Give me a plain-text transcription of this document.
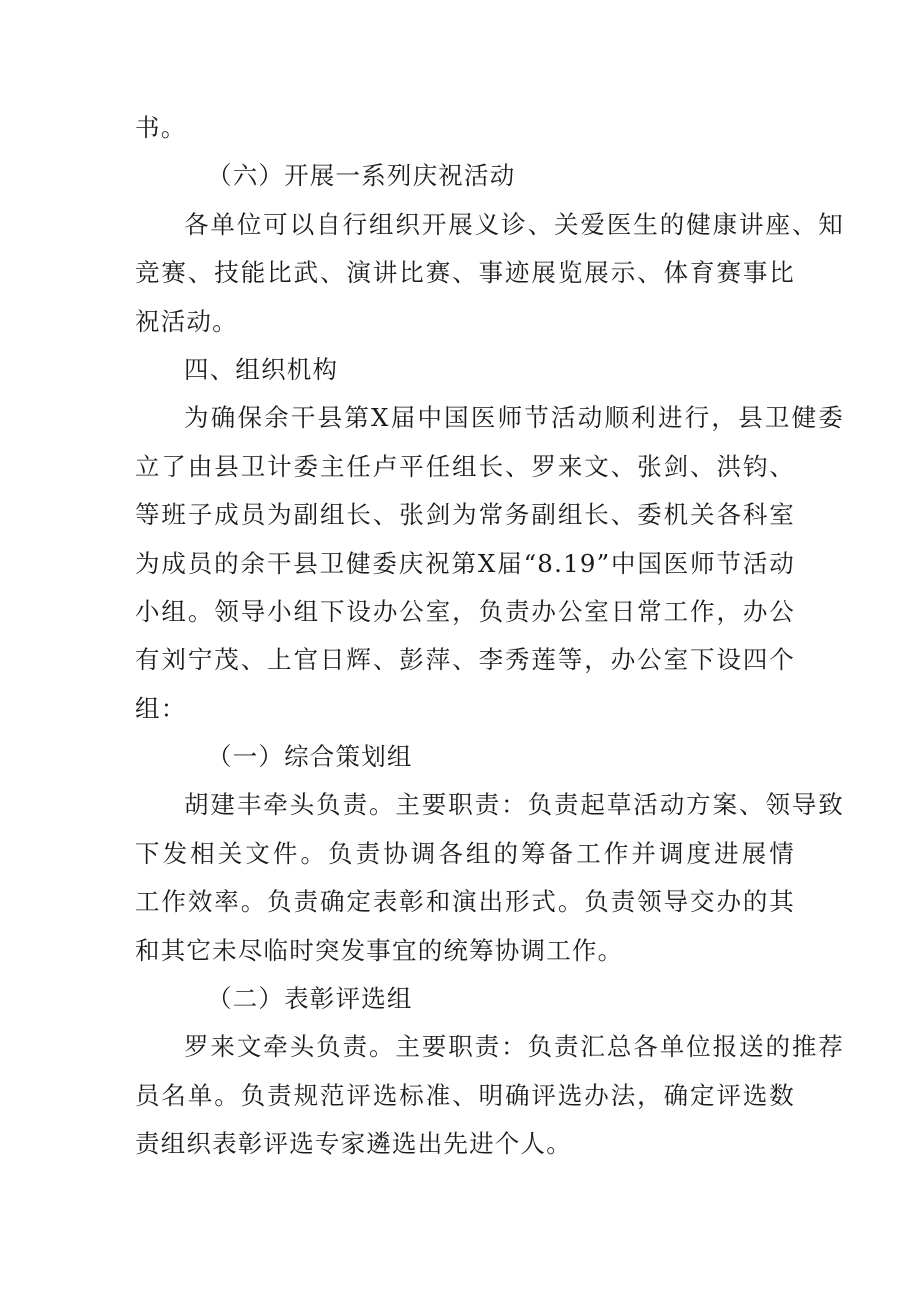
书。
（六）开展一系列庆祝活动
各单位可以自行组织开展义诊、关爱医生的健康讲座、知
竞赛、技能比武、演讲比赛、事迹展览展示、体育赛事比
祝活动。
四、组织机构
为确保余干县第X届中国医师节活动顺利进行，县卫健委
立了由县卫计委主任卢平任组长、罗来文、张剑、洪钧、
等班子成员为副组长、张剑为常务副组长、委机关各科室
为成员的余干县卫健委庆祝第X届“8.19”中国医师节活动
小组。领导小组下设办公室，负责办公室日常工作，办公
有刘宁茂、上官日辉、彭萍、李秀莲等，办公室下设四个
组：
（一）综合策划组
胡建丰牵头负责。主要职责：负责起草活动方案、领导致
下发相关文件。负责协调各组的筹备工作并调度进展情
工作效率。负责确定表彰和演出形式。负责领导交办的其
和其它未尽临时突发事宜的统筹协调工作。
（二）表彰评选组
罗来文牵头负责。主要职责：负责汇总各单位报送的推荐
员名单。负责规范评选标准、明确评选办法，确定评选数
责组织表彰评选专家遴选出先进个人。
